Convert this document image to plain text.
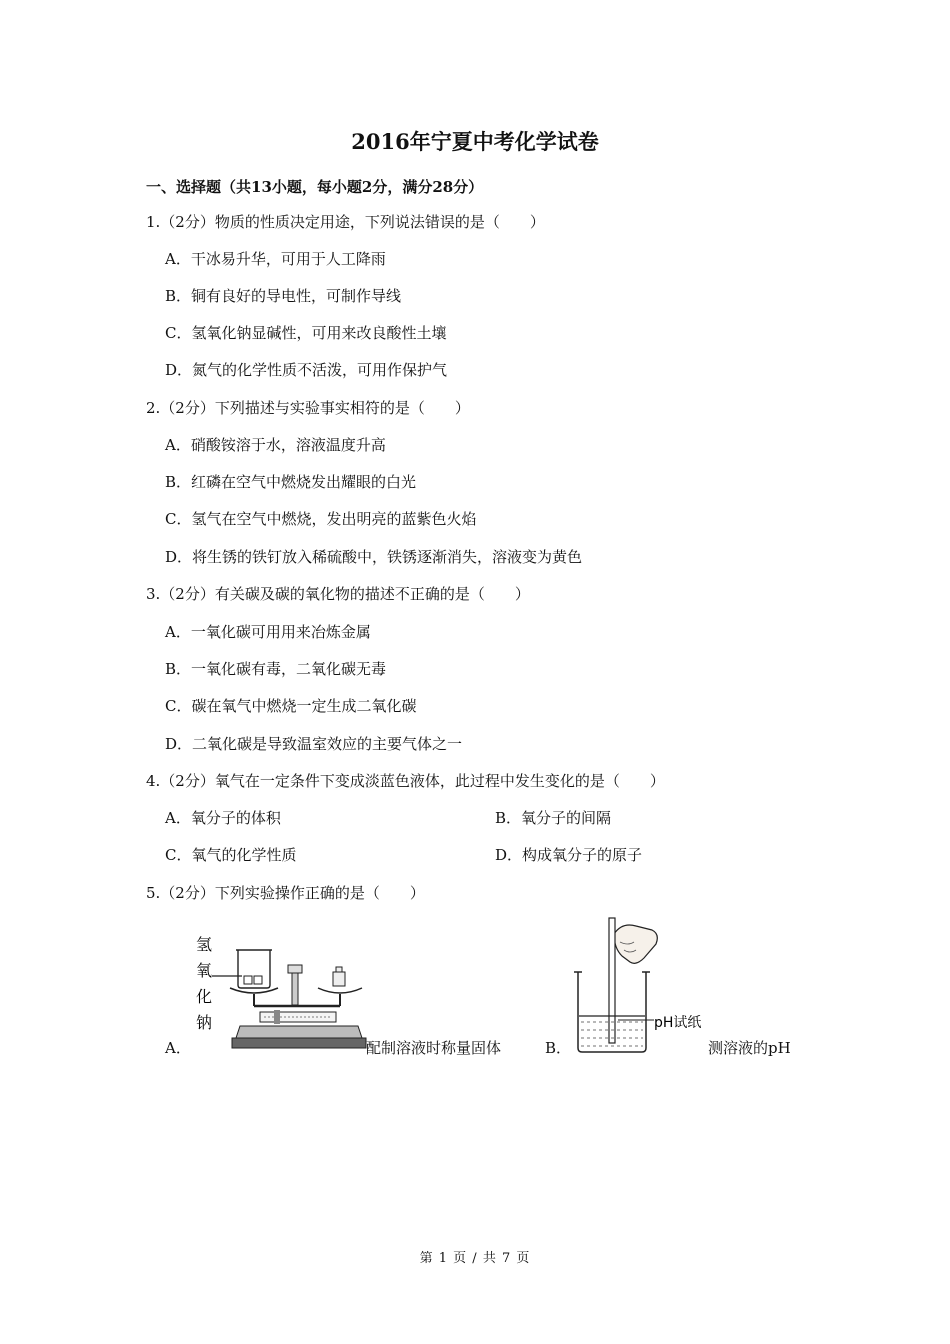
2016年宁夏中考化学试卷
一、选择题（共13小题，每小题2分，满分28分）
1.（2分）物质的性质决定用途，下列说法错误的是（　　）
A．干冰易升华，可用于人工降雨
B．铜有良好的导电性，可制作导线
C．氢氧化钠显碱性，可用来改良酸性土壤
D．氮气的化学性质不活泼，可用作保护气
2.（2分）下列描述与实验事实相符的是（　　）
A．硝酸铵溶于水，溶液温度升高
B．红磷在空气中燃烧发出耀眼的白光
C．氢气在空气中燃烧，发出明亮的蓝紫色火焰
D．将生锈的铁钉放入稀硫酸中，铁锈逐渐消失，溶液变为黄色
3.（2分）有关碳及碳的氧化物的描述不正确的是（　　）
A．一氧化碳可用用来冶炼金属
B．一氧化碳有毒，二氧化碳无毒
C．碳在氧气中燃烧一定生成二氧化碳
D．二氧化碳是导致温室效应的主要气体之一
4.（2分）氧气在一定条件下变成淡蓝色液体，此过程中发生变化的是（　　）
A．氧分子的体积	B．氧分子的间隔
C．氧气的化学性质	D．构成氧分子的原子
5.（2分）下列实验操作正确的是（　　）
A．
氢
氧
化
钠
配制溶液时称量固体	B．
pH试纸
测溶液的pH
第 1 页 / 共 7 页
